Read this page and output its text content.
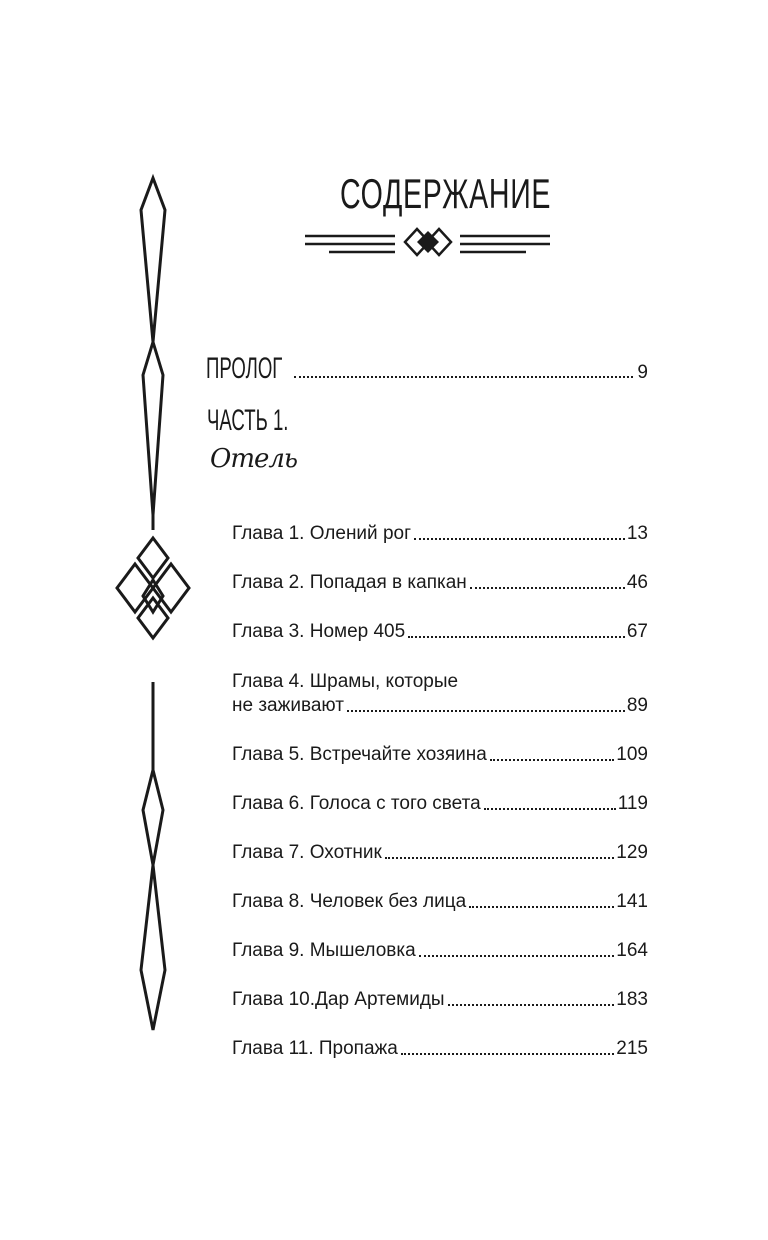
СОДЕРЖАНИЕ
ПРОЛОГ	9
ЧАСТЬ 1.
Отель
Глава 1. Олений рог	13
Глава 2. Попадая в капкан	46
Глава 3. Номер 405	67
Глава 4. Шрамы, которые
не заживают	89
Глава 5. Встречайте хозяина	109
Глава 6. Голоса с того света	119
Глава 7. Охотник	129
Глава 8. Человек без лица	141
Глава 9. Мышеловка	164
Глава 10.Дар Артемиды	183
Глава 11. Пропажа	215
